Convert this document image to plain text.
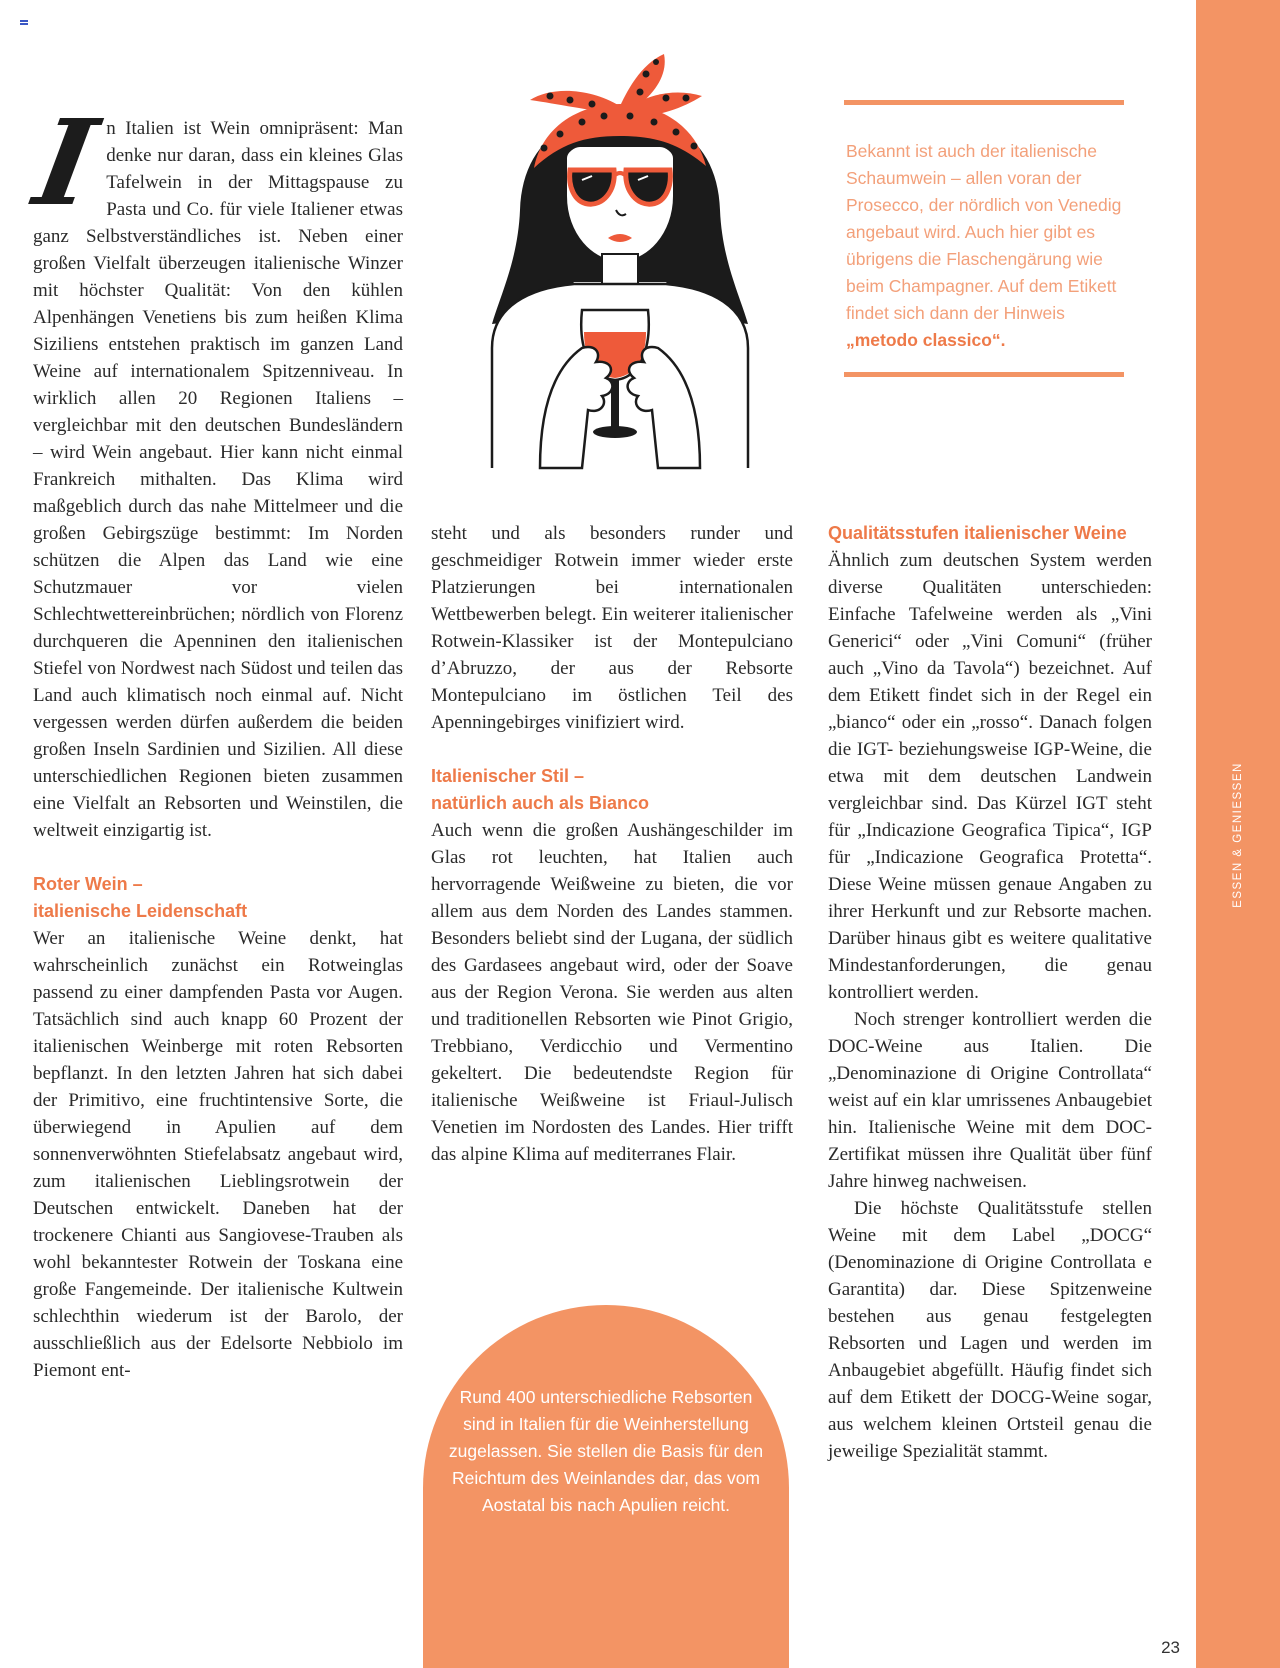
ESSEN & GENIESSEN
Bekannt ist auch der italienische Schaumwein – allen voran der Prosecco, der nördlich von Venedig angebaut wird. Auch hier gibt es übrigens die Flaschengärung wie beim Champagner. Auf dem Etikett findet sich dann der Hinweis „metodo classico“.
I n Italien ist Wein omnipräsent: Man denke nur daran, dass ein kleines Glas Tafelwein in der Mittagspause zu Pasta und Co. für viele Italiener etwas ganz Selbstverständliches ist. Neben einer großen Vielfalt überzeugen italienische Winzer mit höchster Qualität: Von den kühlen Alpenhängen Venetiens bis zum heißen Klima Siziliens entstehen praktisch im ganzen Land Weine auf internationalem Spitzenniveau. In wirklich allen 20 Regionen Italiens – vergleichbar mit den deutschen Bundesländern – wird Wein angebaut. Hier kann nicht einmal Frankreich mithalten. Das Klima wird maßgeblich durch das nahe Mittelmeer und die großen Gebirgszüge bestimmt: Im Norden schützen die Alpen das Land wie eine Schutzmauer vor vielen Schlechtwettereinbrüchen; nördlich von Florenz durchqueren die Apenninen den italienischen Stiefel von Nordwest nach Südost und teilen das Land auch klimatisch noch einmal auf. Nicht vergessen werden dürfen außerdem die beiden großen Inseln Sardinien und Sizilien. All diese unterschiedlichen Regionen bieten zusammen eine Vielfalt an Rebsorten und Weinstilen, die weltweit einzigartig ist.

Roter Wein –
italienische Leidenschaft

Wer an italienische Weine denkt, hat wahrscheinlich zunächst ein Rotweinglas passend zu einer dampfenden Pasta vor Augen. Tatsächlich sind auch knapp 60 Prozent der italienischen Weinberge mit roten Rebsorten bepflanzt. In den letzten Jahren hat sich dabei der Primitivo, eine fruchtintensive Sorte, die überwiegend in Apulien auf dem sonnenverwöhnten Stiefelabsatz angebaut wird, zum italienischen Lieblingsrotwein der Deutschen entwickelt. Daneben hat der trockenere Chianti aus Sangiovese-Trauben als wohl bekanntester Rotwein der Toskana eine große Fangemeinde. Der italienische Kultwein schlechthin wiederum ist der Barolo, der ausschließlich aus der Edelsorte Nebbiolo im Piemont ent-

steht und als besonders runder und geschmeidiger Rotwein immer wieder erste Platzierungen bei internationalen Wettbewerben belegt. Ein weiterer italienischer Rotwein-Klassiker ist der Montepulciano d’Abruzzo, der aus der Rebsorte Montepulciano im östlichen Teil des Apenningebirges vinifiziert wird.

Italienischer Stil –
natürlich auch als Bianco

Auch wenn die großen Aushängeschilder im Glas rot leuchten, hat Italien auch hervorragende Weißweine zu bieten, die vor allem aus dem Norden des Landes stammen. Besonders beliebt sind der Lugana, der südlich des Gardasees angebaut wird, oder der Soave aus der Region Verona. Sie werden aus alten und traditionellen Rebsorten wie Pinot Grigio, Trebbiano, Verdicchio und Vermentino gekeltert. Die bedeutendste Region für italienische Weißweine ist Friaul-Julisch Venetien im Nordosten des Landes. Hier trifft das alpine Klima auf mediterranes Flair.

Rund 400 unterschiedliche Rebsorten sind in Italien für die Weinherstellung zugelassen. Sie stellen die Basis für den Reichtum des Weinlandes dar, das vom Aostatal bis nach Apulien reicht.
Qualitätsstufen italienischer Weine

Ähnlich zum deutschen System werden diverse Qualitäten unterschieden: Einfache Tafelweine werden als „Vini Generici“ oder „Vini Comuni“ (früher auch „Vino da Tavola“) bezeichnet. Auf dem Etikett findet sich in der Regel ein „bianco“ oder ein „rosso“. Danach folgen die IGT- beziehungsweise IGP-Weine, die etwa mit dem deutschen Landwein vergleichbar sind. Das Kürzel IGT steht für „Indicazione Geografica Tipica“, IGP für „Indicazione Geografica Protetta“. Diese Weine müssen genaue Angaben zu ihrer Herkunft und zur Rebsorte machen. Darüber hinaus gibt es weitere qualitative Mindestanforderungen, die genau kontrolliert werden.

Noch strenger kontrolliert werden die DOC-Weine aus Italien. Die „Denominazione di Origine Controllata“ weist auf ein klar umrissenes Anbaugebiet hin. Italienische Weine mit dem DOC-Zertifikat müssen ihre Qualität über fünf Jahre hinweg nachweisen.

Die höchste Qualitätsstufe stellen Weine mit dem Label „DOCG“ (Denominazione di Origine Controllata e Garantita) dar. Diese Spitzenweine bestehen aus genau festgelegten Rebsorten und Lagen und werden im Anbaugebiet abgefüllt. Häufig findet sich auf dem Etikett der DOCG-Weine sogar, aus welchem kleinen Ortsteil genau die jeweilige Spezialität stammt.

23
